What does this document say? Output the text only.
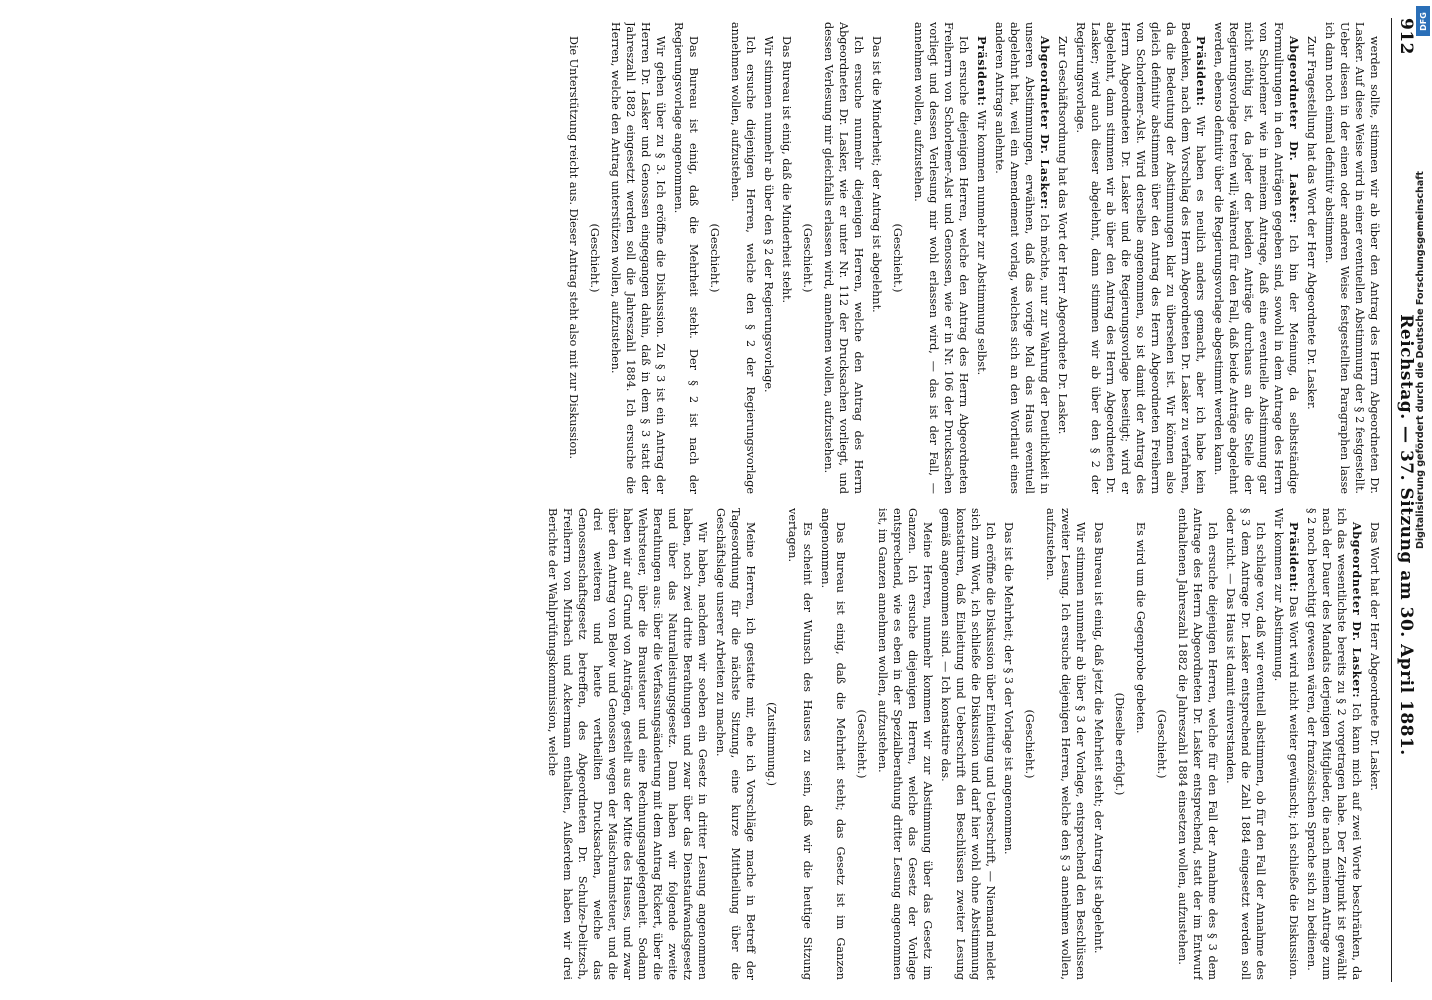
912
Reichstag. — 37. Sitzung am 30. April 1881.

werden sollte, stimmen wir ab über den Antrag des Herrn Abgeordneten Dr. Lasker. Auf diese Weise wird in einer eventuellen Abstimmung der § 2 festgestellt. Ueber diesen in der einen oder anderen Weise festgestellten Paragraphen lasse ich dann noch einmal definitiv abstimmen.

Zur Fragestellung hat das Wort der Herr Abgeordnete Dr. Lasker.

Abgeordneter Dr. Lasker: Ich bin der Meinung, da selbstständige Formulirungen in den Anträgen gegeben sind, sowohl in dem Antrage des Herrn von Schorlemer wie in meinem Antrage, daß eine eventuelle Abstimmung gar nicht nöthig ist, da jeder der beiden Anträge durchaus an die Stelle der Regierungsvorlage treten will; während für den Fall, daß beide Anträge abgelehnt werden, ebenso definitiv über die Regierungsvorlage abgestimmt werden kann.

Präsident: Wir haben es neulich anders gemacht, aber ich habe kein Bedenken, nach dem Vorschlag des Herrn Abgeordneten Dr. Lasker zu verfahren, da die Bedeutung der Abstimmungen klar zu übersehen ist. Wir können also gleich definitiv abstimmen über den Antrag des Herrn Abgeordneten Freiherrn von Schorlemer-Alst. Wird derselbe angenommen, so ist damit der Antrag des Herrn Abgeordneten Dr. Lasker und die Regierungsvorlage beseitigt; wird er abgelehnt, dann stimmen wir ab über den Antrag des Herrn Abgeordneten Dr. Lasker; wird auch dieser abgelehnt, dann stimmen wir ab über den § 2 der Regierungsvorlage.

Zur Geschäftsordnung hat das Wort der Herr Abgeordnete Dr. Lasker.

Abgeordneter Dr. Lasker: Ich möchte, nur zur Wahrung der Deutlichkeit in unseren Abstimmungen, erwähnen, daß das vorige Mal das Haus eventuell abgelehnt hat, weil ein Amendement vorlag, welches sich an den Wortlaut eines anderen Antrags anlehnte.

Präsident: Wir kommen nunmehr zur Abstimmung selbst.

Ich ersuche diejenigen Herren, welche den Antrag des Herrn Abgeordneten Freiherrn von Schorlemer-Alst und Genossen, wie er in Nr. 106 der Drucksachen vorliegt und dessen Verlesung mir wohl erlassen wird, — das ist der Fall, — annehmen wollen, aufzustehen.

(Geschieht.)

Das ist die Minderheit; der Antrag ist abgelehnt.

Ich ersuche nunmehr diejenigen Herren, welche den Antrag des Herrn Abgeordneten Dr. Lasker, wie er unter Nr. 112 der Drucksachen vorliegt, und dessen Verlesung mir gleichfalls erlassen wird, annehmen wollen, aufzustehen.

(Geschieht.)

Das Bureau ist einig, daß die Minderheit steht.

Wir stimmen nunmehr ab über den § 2 der Regierungsvorlage.

Ich ersuche diejenigen Herren, welche den § 2 der Regierungsvorlage annehmen wollen, aufzustehen.

(Geschieht.)

Das Bureau ist einig, daß die Mehrheit steht. Der § 2 ist nach der Regierungsvorlage angenommen.

Wir gehen über zu § 3. Ich eröffne die Diskussion. Zu § 3 ist ein Antrag der Herren Dr. Lasker und Genossen eingegangen dahin, daß in dem § 3 statt der Jahreszahl 1882 eingesetzt werden soll die Jahreszahl 1884. Ich ersuche die Herren, welche den Antrag unterstützen wollen, aufzustehen.

(Geschieht.)

Die Unterstützung reicht aus. Dieser Antrag steht also mit zur Diskussion.

Das Wort hat der Herr Abgeordnete Dr. Lasker.

Abgeordneter Dr. Lasker: Ich kann mich auf zwei Worte beschränken, da ich das wesentlichste bereits zu § 2 vorgetragen habe. Der Zeitpunkt ist gewählt nach der Dauer des Mandats derjenigen Mitglieder, die nach meinem Antrage zum § 2 noch berechtigt gewesen wären, der französischen Sprache sich zu bedienen.

Präsident: Das Wort wird nicht weiter gewünscht; ich schließe die Diskussion. Wir kommen zur Abstimmung.

Ich schlage vor, daß wir eventuell abstimmen, ob für den Fall der Annahme des § 3 dem Antrage Dr. Lasker entsprechend die Zahl 1884 eingesetzt werden soll oder nicht. — Das Haus ist damit einverstanden.

Ich ersuche diejenigen Herren, welche für den Fall der Annahme des § 3 dem Antrage des Herrn Abgeordneten Dr. Lasker entsprechend, statt der im Entwurf enthaltenen Jahreszahl 1882 die Jahreszahl 1884 einsetzen wollen, aufzustehen.

(Geschieht.)

Es wird um die Gegenprobe gebeten.

(Dieselbe erfolgt.)

Das Bureau ist einig, daß jetzt die Mehrheit steht; der Antrag ist abgelehnt.

Wir stimmen nunmehr ab über § 3 der Vorlage, entsprechend den Beschlüssen zweiter Lesung. Ich ersuche diejenigen Herren, welche den § 3 annehmen wollen, aufzustehen.

(Geschieht.)

Das ist die Mehrheit; der § 3 der Vorlage ist angenommen.

Ich eröffne die Diskussion über Einleitung und Ueberschrift, — Niemand meldet sich zum Wort, ich schließe die Diskussion und darf hier wohl ohne Abstimmung konstatiren, daß Einleitung und Ueberschrift den Beschlüssen zweiter Lesung gemäß angenommen sind. — Ich konstatire das.

Meine Herren, nunmehr kommen wir zur Abstimmung über das Gesetz im Ganzen. Ich ersuche diejenigen Herren, welche das Gesetz der Vorlage entsprechend, wie es eben in der Spezialberathung dritter Lesung angenommen ist, im Ganzen annehmen wollen, aufzustehen.

(Geschieht.)

Das Bureau ist einig, daß die Mehrheit steht; das Gesetz ist im Ganzen angenommen.

Es scheint der Wunsch des Hauses zu sein, daß wir die heutige Sitzung vertagen.

(Zustimmung.)

Meine Herren, ich gestatte mir, ehe ich Vorschläge mache in Betreff der Tagesordnung für die nächste Sitzung, eine kurze Mittheilung über die Geschäftslage unserer Arbeiten zu machen.

Wir haben, nachdem wir soeben ein Gesetz in dritter Lesung angenommen haben, noch zwei dritte Berathungen und zwar über das Dienstaufwandsgesetz und über das Naturalleistungsgesetz. Dann haben wir folgende zweite Berathungen aus: über die Verfassungsänderung mit dem Antrag Rickert, über die Wehrsteuer, über die Brausteuer und eine Rechnungsangelegenheit. Sodann haben wir auf Grund von Anträgen, gestellt aus der Mitte des Hauses, und zwar über den Antrag von Below und Genossen wegen der Maischraumsteuer, und die drei weiteren und heute vertheilten Drucksachen, welche das Genossenschaftsgesetz betreffen, des Abgeordneten Dr. Schulze-Delitzsch, Freiherrn von Mirbach und Ackermann enthalten, Außerdem haben wir drei Berichte der Wahlprüfungskommission, welche

Digitalisierung gefördert durch die Deutsche Forschungsgemeinschaft
DFG
